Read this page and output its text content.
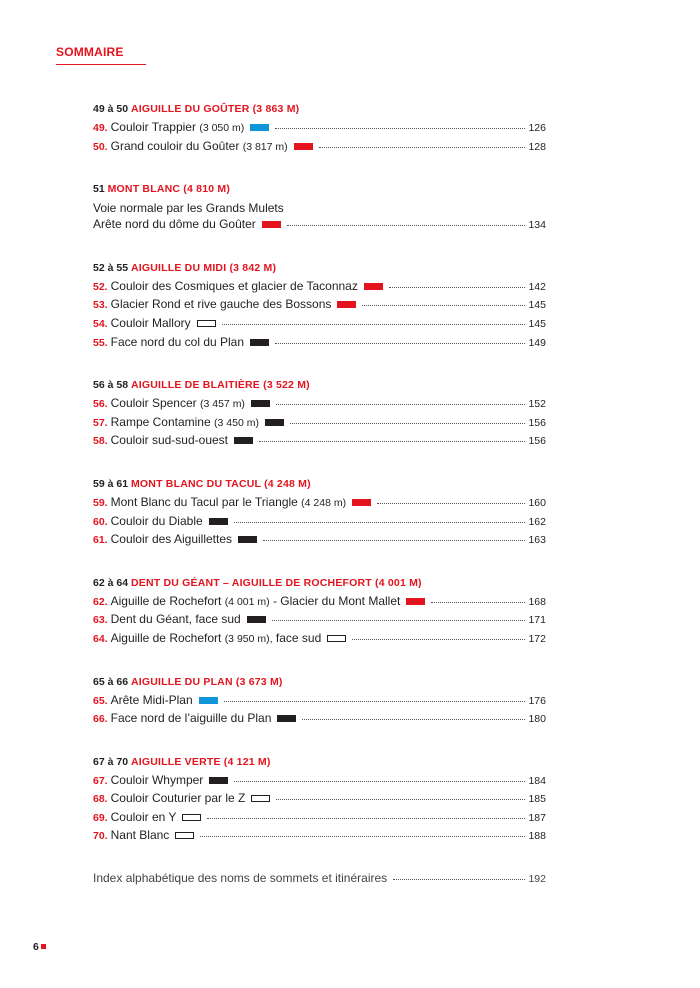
SOMMAIRE
49 à 50 AIGUILLE DU GOÛTER (3 863 M)
49. Couloir Trappier
(3 050 m)	126
50. Grand couloir du Goûter
(3 817 m)	128
51 MONT BLANC (4 810 M)
Voie normale par les Grands Mulets
Arête nord du dôme du Goûter	134
52 à 55 AIGUILLE DU MIDI (3 842 M)
52. Couloir des Cosmiques et glacier de Taconnaz	142
53. Glacier Rond et rive gauche des Bossons	145
54. Couloir Mallory	145
55. Face nord du col du Plan	149
56 à 58 AIGUILLE DE BLAITIÈRE (3 522 M)
56. Couloir Spencer
(3 457 m)	152
57. Rampe Contamine
(3 450 m)	156
58. Couloir sud-sud-ouest	156
59 à 61 MONT BLANC DU TACUL (4 248 M)
59. Mont Blanc du Tacul par le Triangle
(4 248 m)	160
60. Couloir du Diable	162
61. Couloir des Aiguillettes	163
62 à 64 DENT DU GÉANT – AIGUILLE DE ROCHEFORT (4 001 M)
62. Aiguille de Rochefort
(4 001 m)
- Glacier du Mont Mallet	168
63. Dent du Géant, face sud	171
64. Aiguille de Rochefort
(3 950 m),
face sud	172
65 à 66 AIGUILLE DU PLAN (3 673 M)
65. Arête Midi-Plan	176
66. Face nord de l’aiguille du Plan	180
67 à 70 AIGUILLE VERTE (4 121 M)
67. Couloir Whymper	184
68. Couloir Couturier par le Z	185
69. Couloir en Y	187
70. Nant Blanc	188
Index alphabétique des noms de sommets et itinéraires	192
6
